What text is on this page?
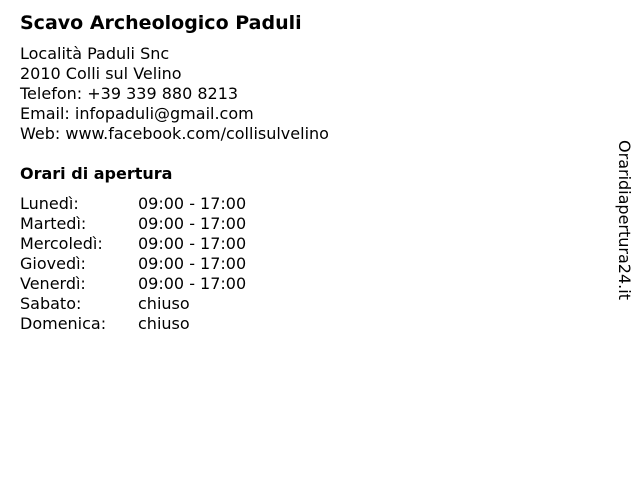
Scavo Archeologico Paduli
Località Paduli Snc
2010 Colli sul Velino
Telefon: +39 339 880 8213
Email: infopaduli@gmail.com
Web: www.facebook.com/collisulvelino
Orari di apertura
Lunedì:	09:00 - 17:00
Martedì:	09:00 - 17:00
Mercoledì:	09:00 - 17:00
Giovedì:	09:00 - 17:00
Venerdì:	09:00 - 17:00
Sabato:	chiuso
Domenica:	chiuso
Oraridiapertura24.it
